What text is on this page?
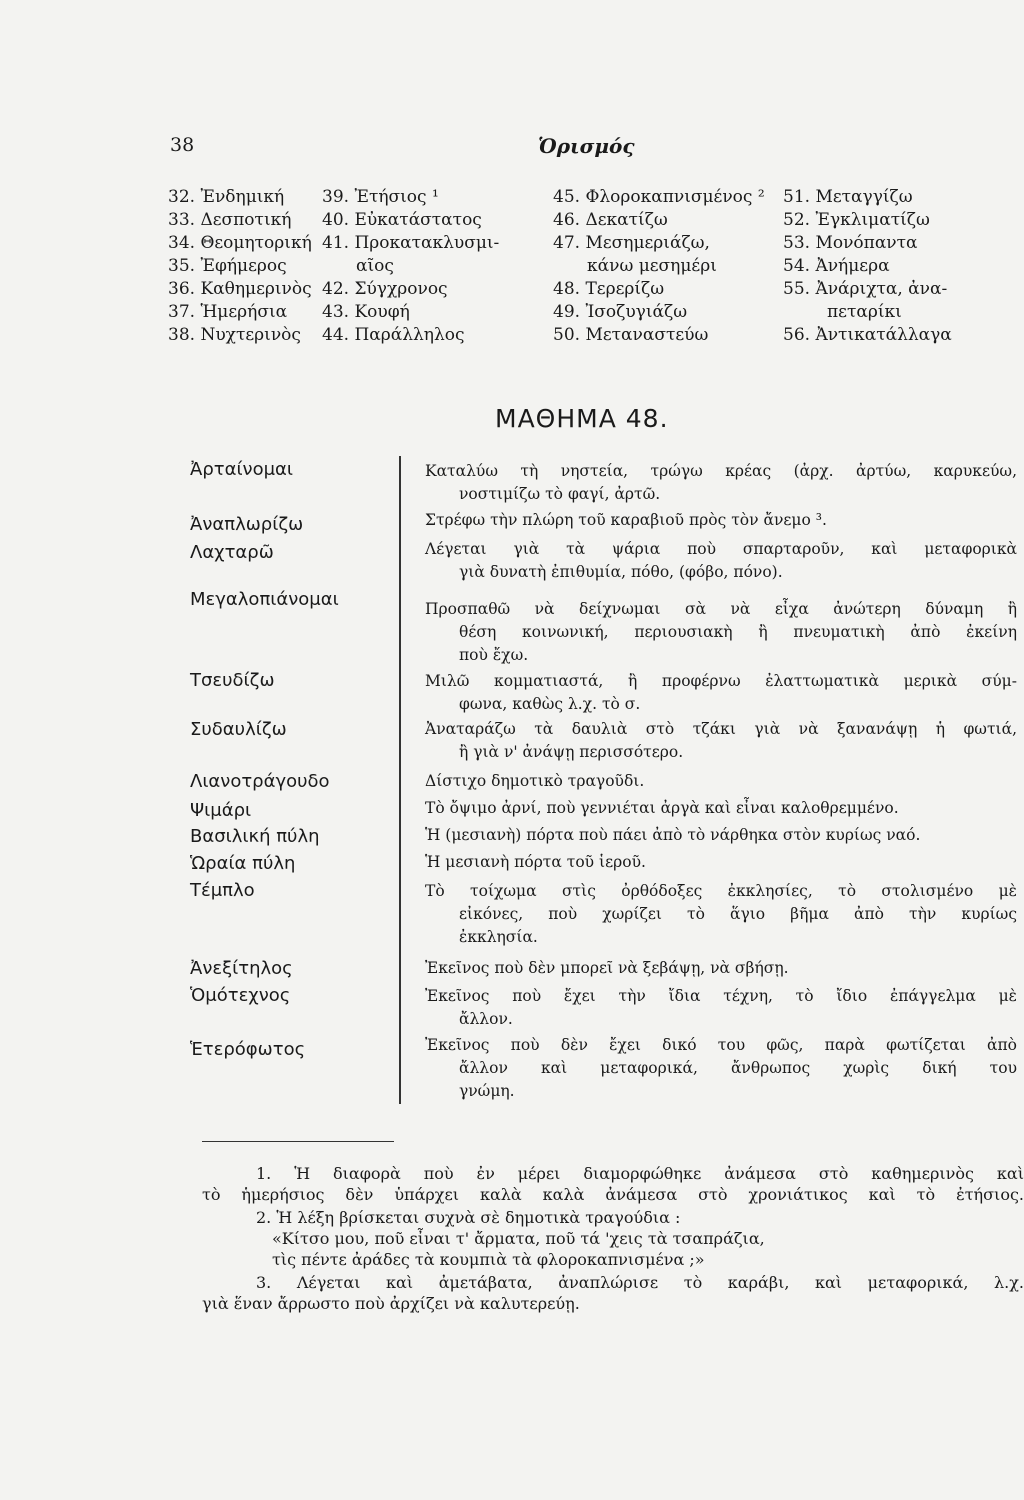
38	Ὁρισμός
32. Ἐνδημική
33. Δεσποτική
34. Θεομητορική
35. Ἐφήμερος
36. Καθημερινὸς
37. Ἡμερήσια
38. Νυχτερινὸς
39. Ἐτήσιος ¹
40. Εὐκατάστατος
41. Προκατακλυσμι-
αῖος
42. Σύγχρονος
43. Κουφή
44. Παράλληλος
45. Φλοροκαπνισμένος ²
46. Δεκατίζω
47. Μεσημεριάζω,
κάνω μεσημέρι
48. Τερερίζω
49. Ἰσοζυγιάζω
50. Μεταναστεύω
51. Μεταγγίζω
52. Ἐγκλιματίζω
53. Μονόπαντα
54. Ἀνήμερα
55. Ἀνάριχτα, ἀνα-
πεταρίκι
56. Ἀντικατάλλαγα
ΜΑΘΗΜΑ 48.
Ἀρταίνομαι
Ἀναπλωρίζω
Λαχταρῶ
Μεγαλοπιάνομαι
Τσευδίζω
Συδαυλίζω
Λιανοτράγουδο
Ψιμάρι
Βασιλική πύλη
Ὡραία πύλη
Τέμπλο
Ἀνεξίτηλος
Ὁμότεχνος
Ἑτερόφωτος
Καταλύω τὴ νηστεία, τρώγω κρέας (ἀρχ. ἀρτύω, καρυκεύω,
νοστιμίζω τὸ φαγί, ἀρτῶ.
Στρέφω τὴν πλώρη τοῦ καραβιοῦ πρὸς τὸν ἄνεμο ³.
Λέγεται γιὰ τὰ ψάρια ποὺ σπαρταροῦν, καὶ μεταφορικὰ
γιὰ δυνατὴ ἐπιθυμία, πόθο, (φόβο, πόνο).
Προσπαθῶ νὰ δείχνωμαι σὰ νὰ εἶχα ἀνώτερη δύναμη ἢ
θέση κοινωνική, περιουσιακὴ ἢ πνευματικὴ ἀπὸ ἐκείνη
ποὺ ἔχω.
Μιλῶ κομματιαστά, ἢ προφέρνω ἐλαττωματικὰ μερικὰ σύμ-
φωνα, καθὼς λ.χ. τὸ σ.
Ἀναταράζω τὰ δαυλιὰ στὸ τζάκι γιὰ νὰ ξανανάψῃ ἡ φωτιά,
ἢ γιὰ ν' ἀνάψῃ περισσότερο.
Δίστιχο δημοτικὸ τραγοῦδι.
Τὸ ὄψιμο ἀρνί, ποὺ γεννιέται ἀργὰ καὶ εἶναι καλοθρεμμένο.
Ἡ (μεσιανὴ) πόρτα ποὺ πάει ἀπὸ τὸ νάρθηκα στὸν κυρίως ναό.
Ἡ μεσιανὴ πόρτα τοῦ ἱεροῦ.
Τὸ τοίχωμα στὶς ὀρθόδοξες ἐκκλησίες, τὸ στολισμένο μὲ
εἰκόνες, ποὺ χωρίζει τὸ ἅγιο βῆμα ἀπὸ τὴν κυρίως
ἐκκλησία.
Ἐκεῖνος ποὺ δὲν μπορεῖ νὰ ξεβάψῃ, νὰ σβήσῃ.
Ἐκεῖνος ποὺ ἔχει τὴν ἴδια τέχνη, τὸ ἴδιο ἐπάγγελμα μὲ
ἄλλον.
Ἐκεῖνος ποὺ δὲν ἔχει δικό του φῶς, παρὰ φωτίζεται ἀπὸ
ἄλλον καὶ μεταφορικά, ἄνθρωπος χωρὶς δική του
γνώμη.
1. Ἡ διαφορὰ ποὺ ἐν μέρει διαμορφώθηκε ἀνάμεσα στὸ καθημερινὸς καὶ
τὸ ἡμερήσιος δὲν ὑπάρχει καλὰ καλὰ ἀνάμεσα στὸ χρονιάτικος καὶ τὸ ἐτήσιος.
2. Ἡ λέξη βρίσκεται συχνὰ σὲ δημοτικὰ τραγούδια :
«Κίτσο μου, ποῦ εἶναι τ' ἄρματα, ποῦ τά 'χεις τὰ τσαπράζια,
τὶς πέντε ἀράδες τὰ κουμπιὰ τὰ φλοροκαπνισμένα ;»
3. Λέγεται καὶ ἀμετάβατα, ἀναπλώρισε τὸ καράβι, καὶ μεταφορικά, λ.χ.
γιὰ ἕναν ἄρρωστο ποὺ ἀρχίζει νὰ καλυτερεύῃ.
